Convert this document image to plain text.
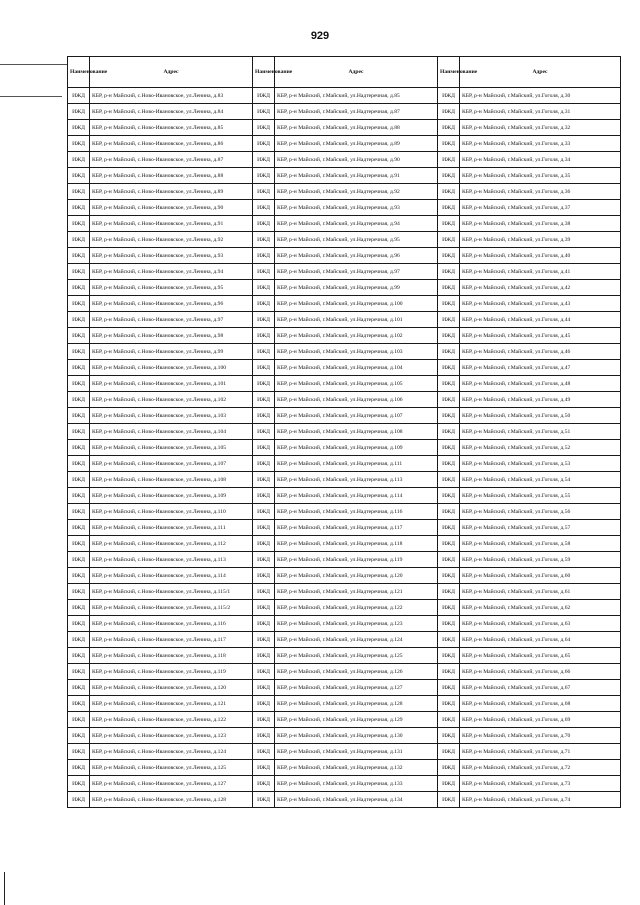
929
Наименование	Адрес	Наименование	Адрес	Наименование	Адрес
ИЖД	КБР, р-н Майский, с.Ново-Ивановское, ул.Ленина, д.83	ИЖД	КБР, р-н Майский, г.Майский, ул.Надтеречная, д.85	ИЖД	КБР, р-н Майский, г.Майский, ул.Гоголя, д.30
ИЖД	КБР, р-н Майский, с.Ново-Ивановское, ул.Ленина, д.84	ИЖД	КБР, р-н Майский, г.Майский, ул.Надтеречная, д.87	ИЖД	КБР, р-н Майский, г.Майский, ул.Гоголя, д.31
ИЖД	КБР, р-н Майский, с.Ново-Ивановское, ул.Ленина, д.85	ИЖД	КБР, р-н Майский, г.Майский, ул.Надтеречная, д.88	ИЖД	КБР, р-н Майский, г.Майский, ул.Гоголя, д.32
ИЖД	КБР, р-н Майский, с.Ново-Ивановское, ул.Ленина, д.86	ИЖД	КБР, р-н Майский, г.Майский, ул.Надтеречная, д.89	ИЖД	КБР, р-н Майский, г.Майский, ул.Гоголя, д.33
ИЖД	КБР, р-н Майский, с.Ново-Ивановское, ул.Ленина, д.87	ИЖД	КБР, р-н Майский, г.Майский, ул.Надтеречная, д.90	ИЖД	КБР, р-н Майский, г.Майский, ул.Гоголя, д.34
ИЖД	КБР, р-н Майский, с.Ново-Ивановское, ул.Ленина, д.88	ИЖД	КБР, р-н Майский, г.Майский, ул.Надтеречная, д.91	ИЖД	КБР, р-н Майский, г.Майский, ул.Гоголя, д.35
ИЖД	КБР, р-н Майский, с.Ново-Ивановское, ул.Ленина, д.89	ИЖД	КБР, р-н Майский, г.Майский, ул.Надтеречная, д.92	ИЖД	КБР, р-н Майский, г.Майский, ул.Гоголя, д.36
ИЖД	КБР, р-н Майский, с.Ново-Ивановское, ул.Ленина, д.90	ИЖД	КБР, р-н Майский, г.Майский, ул.Надтеречная, д.93	ИЖД	КБР, р-н Майский, г.Майский, ул.Гоголя, д.37
ИЖД	КБР, р-н Майский, с.Ново-Ивановское, ул.Ленина, д.91	ИЖД	КБР, р-н Майский, г.Майский, ул.Надтеречная, д.94	ИЖД	КБР, р-н Майский, г.Майский, ул.Гоголя, д.38
ИЖД	КБР, р-н Майский, с.Ново-Ивановское, ул.Ленина, д.92	ИЖД	КБР, р-н Майский, г.Майский, ул.Надтеречная, д.95	ИЖД	КБР, р-н Майский, г.Майский, ул.Гоголя, д.39
ИЖД	КБР, р-н Майский, с.Ново-Ивановское, ул.Ленина, д.93	ИЖД	КБР, р-н Майский, г.Майский, ул.Надтеречная, д.96	ИЖД	КБР, р-н Майский, г.Майский, ул.Гоголя, д.40
ИЖД	КБР, р-н Майский, с.Ново-Ивановское, ул.Ленина, д.94	ИЖД	КБР, р-н Майский, г.Майский, ул.Надтеречная, д.97	ИЖД	КБР, р-н Майский, г.Майский, ул.Гоголя, д.41
ИЖД	КБР, р-н Майский, с.Ново-Ивановское, ул.Ленина, д.95	ИЖД	КБР, р-н Майский, г.Майский, ул.Надтеречная, д.99	ИЖД	КБР, р-н Майский, г.Майский, ул.Гоголя, д.42
ИЖД	КБР, р-н Майский, с.Ново-Ивановское, ул.Ленина, д.96	ИЖД	КБР, р-н Майский, г.Майский, ул.Надтеречная, д.100	ИЖД	КБР, р-н Майский, г.Майский, ул.Гоголя, д.43
ИЖД	КБР, р-н Майский, с.Ново-Ивановское, ул.Ленина, д.97	ИЖД	КБР, р-н Майский, г.Майский, ул.Надтеречная, д.101	ИЖД	КБР, р-н Майский, г.Майский, ул.Гоголя, д.44
ИЖД	КБР, р-н Майский, с.Ново-Ивановское, ул.Ленина, д.98	ИЖД	КБР, р-н Майский, г.Майский, ул.Надтеречная, д.102	ИЖД	КБР, р-н Майский, г.Майский, ул.Гоголя, д.45
ИЖД	КБР, р-н Майский, с.Ново-Ивановское, ул.Ленина, д.99	ИЖД	КБР, р-н Майский, г.Майский, ул.Надтеречная, д.103	ИЖД	КБР, р-н Майский, г.Майский, ул.Гоголя, д.46
ИЖД	КБР, р-н Майский, с.Ново-Ивановское, ул.Ленина, д.100	ИЖД	КБР, р-н Майский, г.Майский, ул.Надтеречная, д.104	ИЖД	КБР, р-н Майский, г.Майский, ул.Гоголя, д.47
ИЖД	КБР, р-н Майский, с.Ново-Ивановское, ул.Ленина, д.101	ИЖД	КБР, р-н Майский, г.Майский, ул.Надтеречная, д.105	ИЖД	КБР, р-н Майский, г.Майский, ул.Гоголя, д.48
ИЖД	КБР, р-н Майский, с.Ново-Ивановское, ул.Ленина, д.102	ИЖД	КБР, р-н Майский, г.Майский, ул.Надтеречная, д.106	ИЖД	КБР, р-н Майский, г.Майский, ул.Гоголя, д.49
ИЖД	КБР, р-н Майский, с.Ново-Ивановское, ул.Ленина, д.103	ИЖД	КБР, р-н Майский, г.Майский, ул.Надтеречная, д.107	ИЖД	КБР, р-н Майский, г.Майский, ул.Гоголя, д.50
ИЖД	КБР, р-н Майский, с.Ново-Ивановское, ул.Ленина, д.104	ИЖД	КБР, р-н Майский, г.Майский, ул.Надтеречная, д.108	ИЖД	КБР, р-н Майский, г.Майский, ул.Гоголя, д.51
ИЖД	КБР, р-н Майский, с.Ново-Ивановское, ул.Ленина, д.105	ИЖД	КБР, р-н Майский, г.Майский, ул.Надтеречная, д.109	ИЖД	КБР, р-н Майский, г.Майский, ул.Гоголя, д.52
ИЖД	КБР, р-н Майский, с.Ново-Ивановское, ул.Ленина, д.107	ИЖД	КБР, р-н Майский, г.Майский, ул.Надтеречная, д.111	ИЖД	КБР, р-н Майский, г.Майский, ул.Гоголя, д.53
ИЖД	КБР, р-н Майский, с.Ново-Ивановское, ул.Ленина, д.108	ИЖД	КБР, р-н Майский, г.Майский, ул.Надтеречная, д.113	ИЖД	КБР, р-н Майский, г.Майский, ул.Гоголя, д.54
ИЖД	КБР, р-н Майский, с.Ново-Ивановское, ул.Ленина, д.109	ИЖД	КБР, р-н Майский, г.Майский, ул.Надтеречная, д.114	ИЖД	КБР, р-н Майский, г.Майский, ул.Гоголя, д.55
ИЖД	КБР, р-н Майский, с.Ново-Ивановское, ул.Ленина, д.110	ИЖД	КБР, р-н Майский, г.Майский, ул.Надтеречная, д.116	ИЖД	КБР, р-н Майский, г.Майский, ул.Гоголя, д.56
ИЖД	КБР, р-н Майский, с.Ново-Ивановское, ул.Ленина, д.111	ИЖД	КБР, р-н Майский, г.Майский, ул.Надтеречная, д.117	ИЖД	КБР, р-н Майский, г.Майский, ул.Гоголя, д.57
ИЖД	КБР, р-н Майский, с.Ново-Ивановское, ул.Ленина, д.112	ИЖД	КБР, р-н Майский, г.Майский, ул.Надтеречная, д.118	ИЖД	КБР, р-н Майский, г.Майский, ул.Гоголя, д.58
ИЖД	КБР, р-н Майский, с.Ново-Ивановское, ул.Ленина, д.113	ИЖД	КБР, р-н Майский, г.Майский, ул.Надтеречная, д.119	ИЖД	КБР, р-н Майский, г.Майский, ул.Гоголя, д.59
ИЖД	КБР, р-н Майский, с.Ново-Ивановское, ул.Ленина, д.114	ИЖД	КБР, р-н Майский, г.Майский, ул.Надтеречная, д.120	ИЖД	КБР, р-н Майский, г.Майский, ул.Гоголя, д.60
ИЖД	КБР, р-н Майский, с.Ново-Ивановское, ул.Ленина, д.115/1	ИЖД	КБР, р-н Майский, г.Майский, ул.Надтеречная, д.121	ИЖД	КБР, р-н Майский, г.Майский, ул.Гоголя, д.61
ИЖД	КБР, р-н Майский, с.Ново-Ивановское, ул.Ленина, д.115/2	ИЖД	КБР, р-н Майский, г.Майский, ул.Надтеречная, д.122	ИЖД	КБР, р-н Майский, г.Майский, ул.Гоголя, д.62
ИЖД	КБР, р-н Майский, с.Ново-Ивановское, ул.Ленина, д.116	ИЖД	КБР, р-н Майский, г.Майский, ул.Надтеречная, д.123	ИЖД	КБР, р-н Майский, г.Майский, ул.Гоголя, д.63
ИЖД	КБР, р-н Майский, с.Ново-Ивановское, ул.Ленина, д.117	ИЖД	КБР, р-н Майский, г.Майский, ул.Надтеречная, д.124	ИЖД	КБР, р-н Майский, г.Майский, ул.Гоголя, д.64
ИЖД	КБР, р-н Майский, с.Ново-Ивановское, ул.Ленина, д.118	ИЖД	КБР, р-н Майский, г.Майский, ул.Надтеречная, д.125	ИЖД	КБР, р-н Майский, г.Майский, ул.Гоголя, д.65
ИЖД	КБР, р-н Майский, с.Ново-Ивановское, ул.Ленина, д.119	ИЖД	КБР, р-н Майский, г.Майский, ул.Надтеречная, д.126	ИЖД	КБР, р-н Майский, г.Майский, ул.Гоголя, д.66
ИЖД	КБР, р-н Майский, с.Ново-Ивановское, ул.Ленина, д.120	ИЖД	КБР, р-н Майский, г.Майский, ул.Надтеречная, д.127	ИЖД	КБР, р-н Майский, г.Майский, ул.Гоголя, д.67
ИЖД	КБР, р-н Майский, с.Ново-Ивановское, ул.Ленина, д.121	ИЖД	КБР, р-н Майский, г.Майский, ул.Надтеречная, д.128	ИЖД	КБР, р-н Майский, г.Майский, ул.Гоголя, д.68
ИЖД	КБР, р-н Майский, с.Ново-Ивановское, ул.Ленина, д.122	ИЖД	КБР, р-н Майский, г.Майский, ул.Надтеречная, д.129	ИЖД	КБР, р-н Майский, г.Майский, ул.Гоголя, д.69
ИЖД	КБР, р-н Майский, с.Ново-Ивановское, ул.Ленина, д.123	ИЖД	КБР, р-н Майский, г.Майский, ул.Надтеречная, д.130	ИЖД	КБР, р-н Майский, г.Майский, ул.Гоголя, д.70
ИЖД	КБР, р-н Майский, с.Ново-Ивановское, ул.Ленина, д.124	ИЖД	КБР, р-н Майский, г.Майский, ул.Надтеречная, д.131	ИЖД	КБР, р-н Майский, г.Майский, ул.Гоголя, д.71
ИЖД	КБР, р-н Майский, с.Ново-Ивановское, ул.Ленина, д.125	ИЖД	КБР, р-н Майский, г.Майский, ул.Надтеречная, д.132	ИЖД	КБР, р-н Майский, г.Майский, ул.Гоголя, д.72
ИЖД	КБР, р-н Майский, с.Ново-Ивановское, ул.Ленина, д.127	ИЖД	КБР, р-н Майский, г.Майский, ул.Надтеречная, д.133	ИЖД	КБР, р-н Майский, г.Майский, ул.Гоголя, д.73
ИЖД	КБР, р-н Майский, с.Ново-Ивановское, ул.Ленина, д.128	ИЖД	КБР, р-н Майский, г.Майский, ул.Надтеречная, д.134	ИЖД	КБР, р-н Майский, г.Майский, ул.Гоголя, д.74
